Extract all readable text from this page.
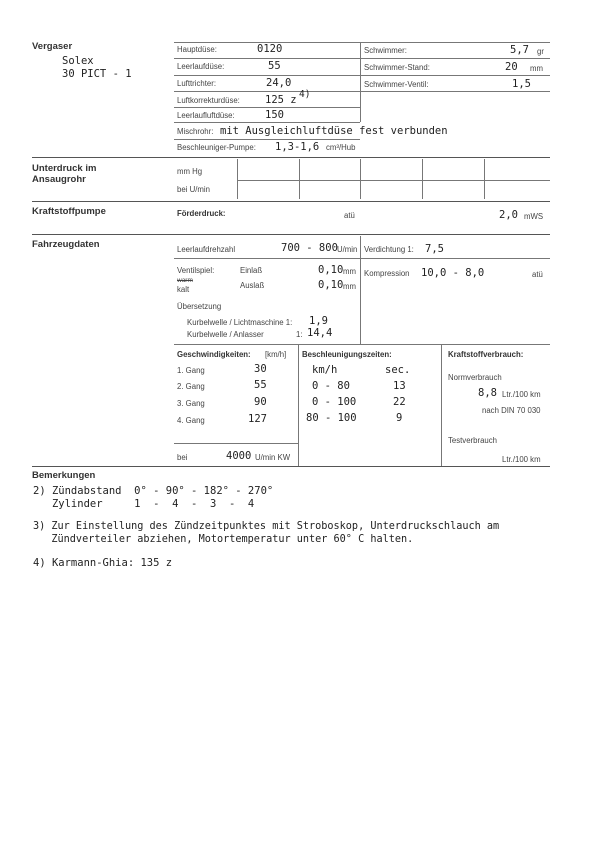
Vergaser
Solex
30 PICT - 1
Hauptdüse:	0120
Leerlaufdüse:	55
Lufttrichter:	24,0
Luftkorrekturdüse: 125 z 4)
Leerlaufluftdüse:	150
Mischrohr: mit Ausgleichluftdüse fest verbunden
Beschleuniger-Pumpe: 1,3-1,6 cm³/Hub
Schwimmer:	5,7 gr
Schwimmer-Stand:	20 mm
Schwimmer-Ventil:	1,5
Unterdruck im
Ansaugrohr
mm Hg
bei U/min
Kraftstoffpumpe	Förderdruck:	atü	2,0 mWS
Fahrzeugdaten	Leerlaufdrehzahl	700 - 800 U/min Verdichtung 1: 7,5
Ventilspiel:
warm
kalt
Einlaß	0,10 mm
Auslaß	0,10 mm
Kompression 10,0 - 8,0	atü
Übersetzung
Kurbelwelle / Lichtmaschine 1: 1,9
Kurbelwelle / Anlasser	1: 14,4
Geschwindigkeiten: [km/h]
1. Gang	30
2. Gang	55
3. Gang	90
4. Gang	127
bei	4000 U/min KW
Beschleunigungszeiten:
km/h	sec.
0 - 80	13
0 - 100	22
80 - 100	9
Kraftstoffverbrauch:
Normverbrauch
8,8 Ltr./100 km
nach DIN 70 030
Testverbrauch
Ltr./100 km
Bemerkungen
2) Zündabstand  0° - 90° - 182° - 270°
Zylinder     1  -  4  -  3  -  4
3) Zur Einstellung des Zündzeitpunktes mit Stroboskop, Unterdruckschlauch am
Zündverteiler abziehen, Motortemperatur unter 60° C halten.
4) Karmann-Ghia: 135 z
